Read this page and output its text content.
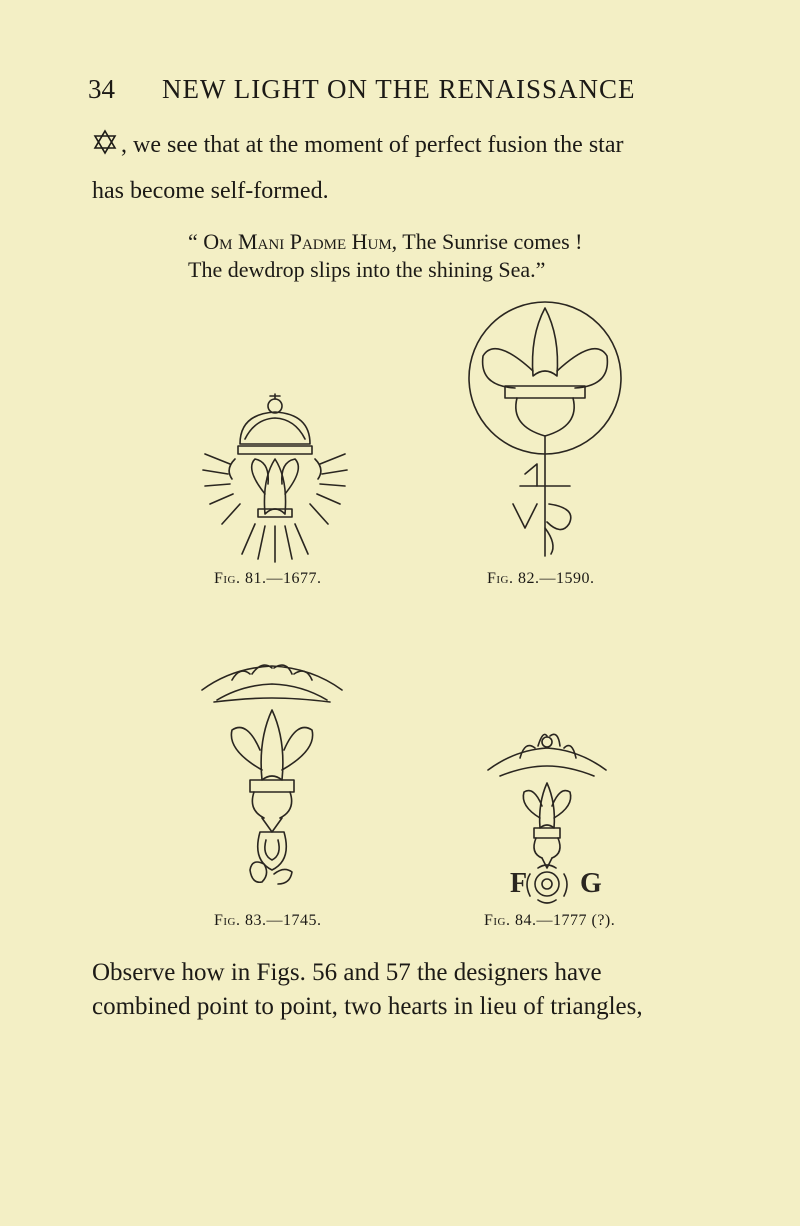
34 NEW LIGHT ON THE RENAISSANCE
, we see that at the moment of perfect fusion the star
has become self-formed.
“ Om Mani Padme Hum, The Sunrise comes !
The dewdrop slips into the shining Sea.”
Fig. 81.—1677.	Fig. 82.—1590.
Fig. 83.—1745.
F G
Fig. 84.—1777 (?).
Observe how in Figs. 56 and 57 the designers have
combined point to point, two hearts in lieu of triangles,
